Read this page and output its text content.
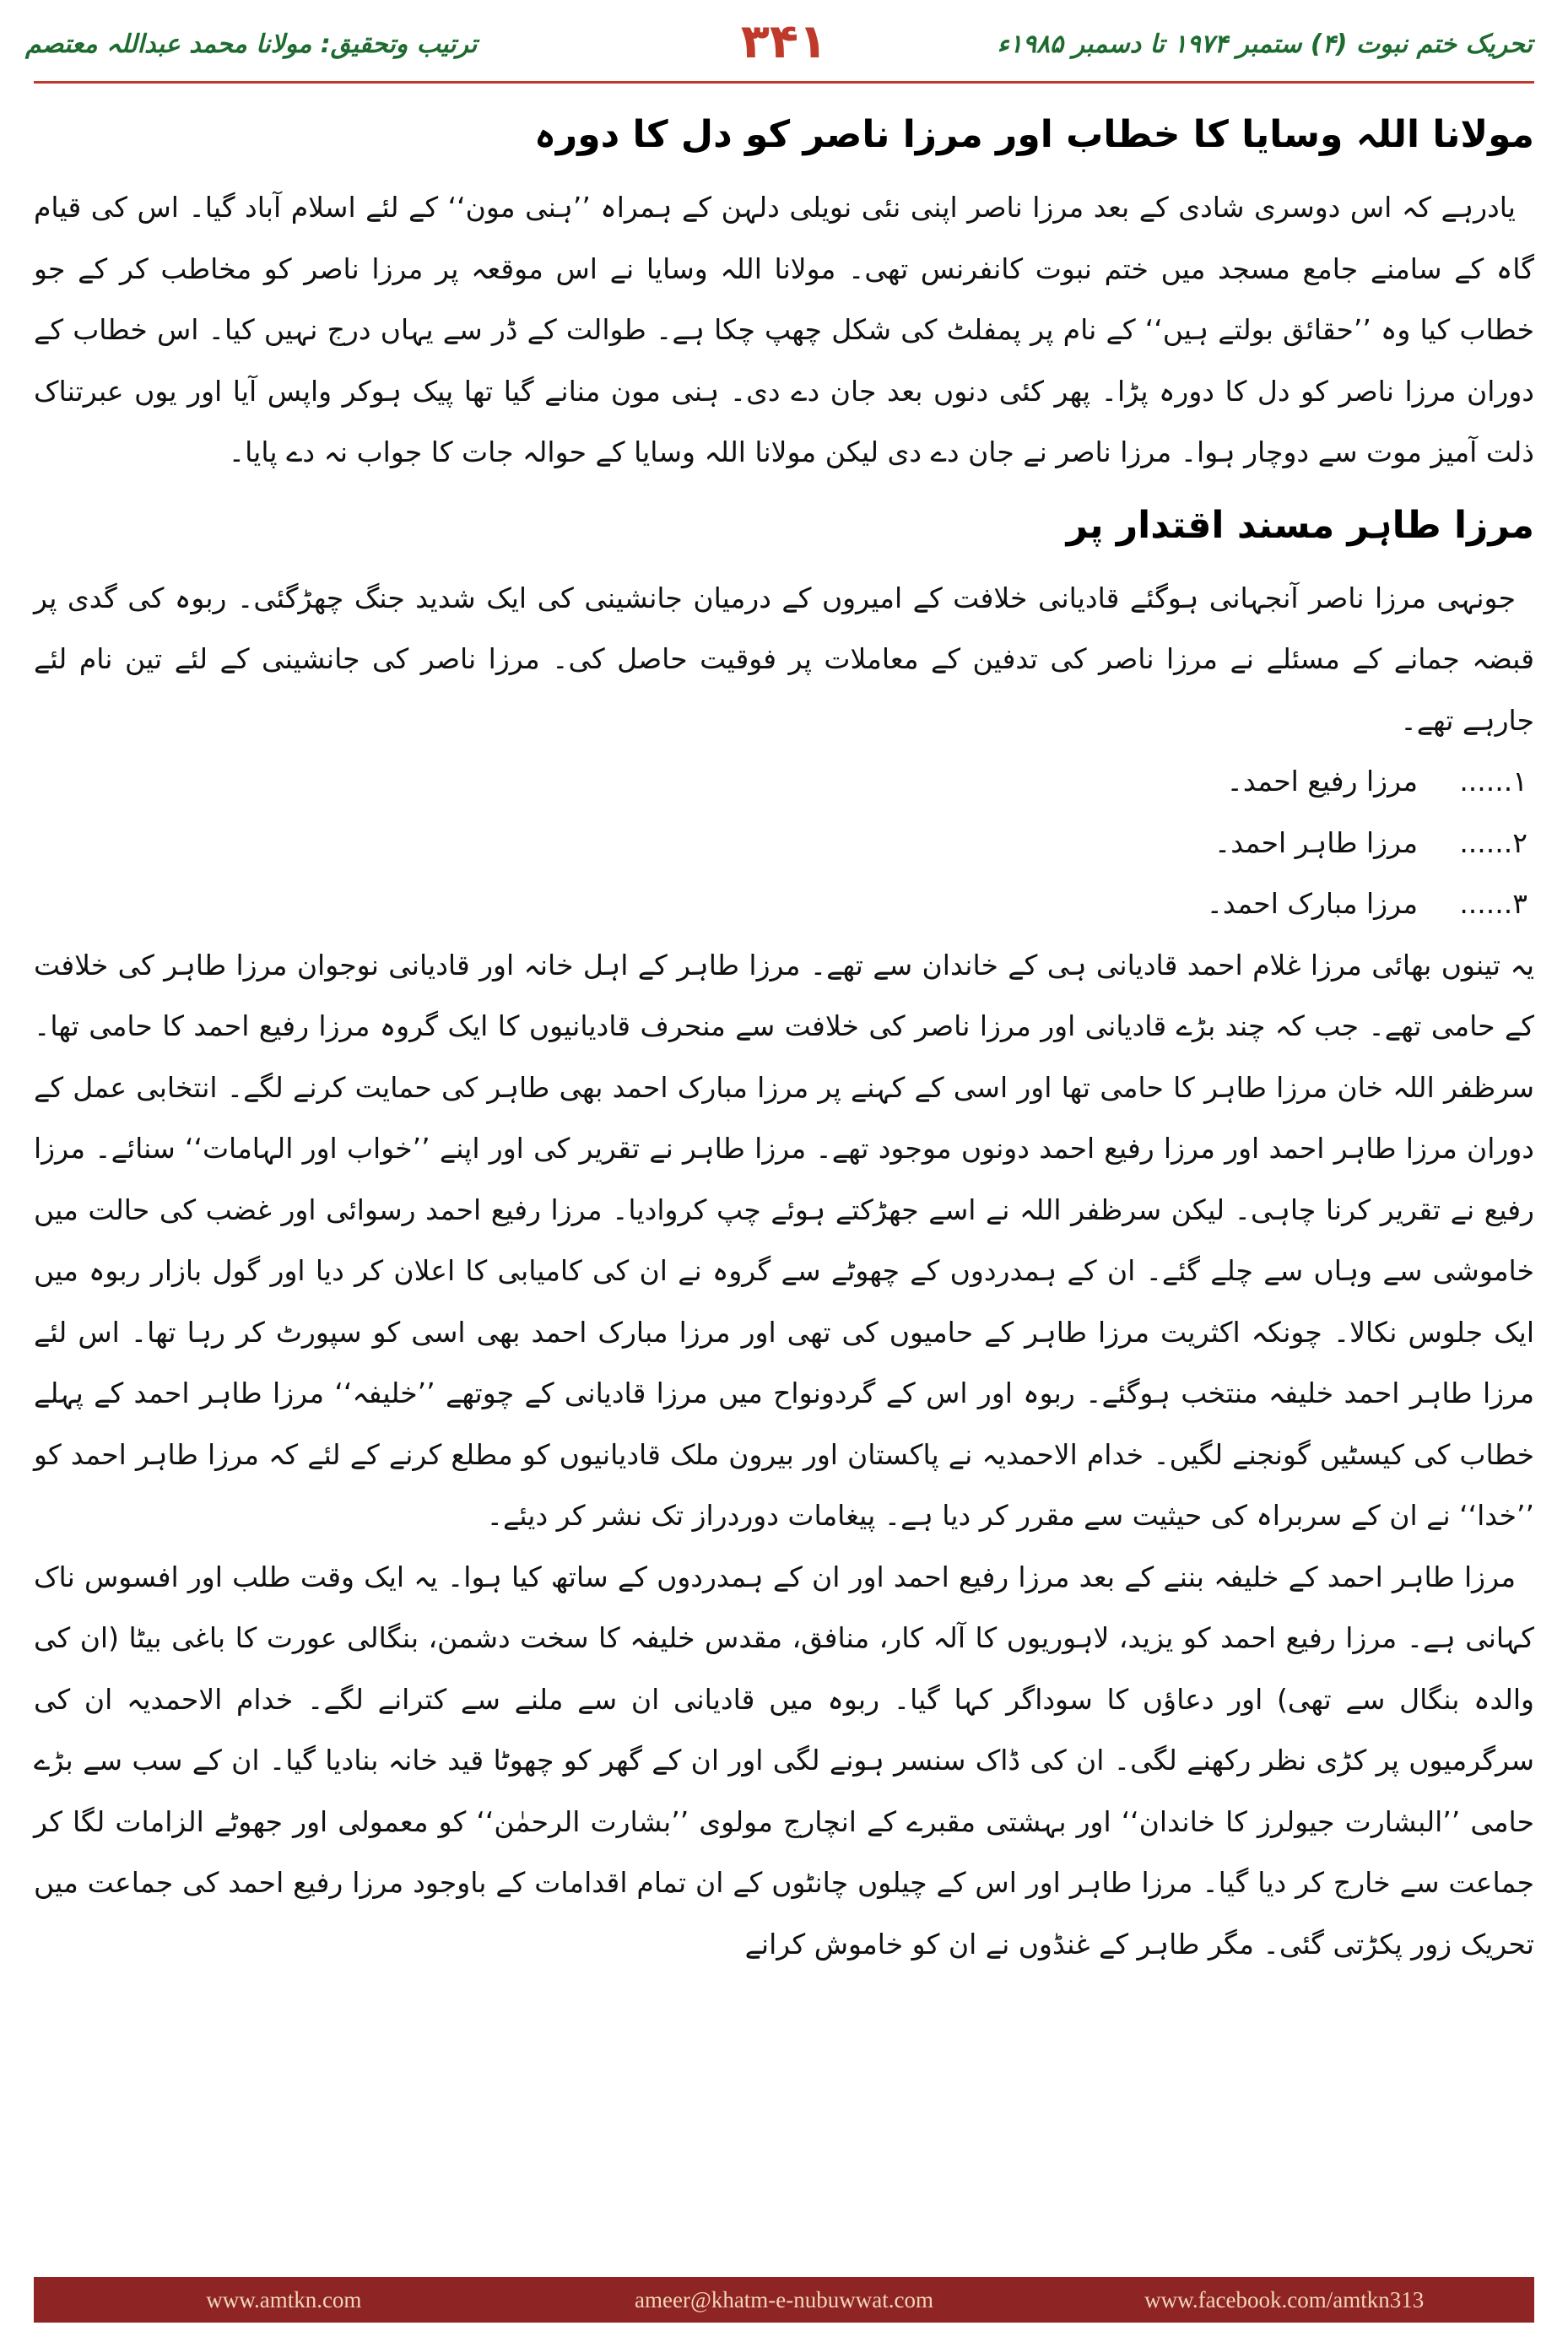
تحریک ختم نبوت (۴) ستمبر ۱۹۷۴ تا دسمبر ۱۹۸۵ء
۳۴۱
ترتیب وتحقیق: مولانا محمد عبداللہ معتصم
مولانا اللہ وسایا کا خطاب اور مرزا ناصر کو دل کا دورہ

یادرہے کہ اس دوسری شادی کے بعد مرزا ناصر اپنی نئی نویلی دلہن کے ہمراہ ’’ہنی مون‘‘ کے لئے اسلام آباد گیا۔ اس کی قیام گاہ کے سامنے جامع مسجد میں ختم نبوت کانفرنس تھی۔ مولانا اللہ وسایا نے اس موقعہ پر مرزا ناصر کو مخاطب کر کے جو خطاب کیا وہ ’’حقائق بولتے ہیں‘‘ کے نام پر پمفلٹ کی شکل چھپ چکا ہے۔ طوالت کے ڈر سے یہاں درج نہیں کیا۔ اس خطاب کے دوران مرزا ناصر کو دل کا دورہ پڑا۔ پھر کئی دنوں بعد جان دے دی۔ ہنی مون منانے گیا تھا پیک ہوکر واپس آیا اور یوں عبرتناک ذلت آمیز موت سے دوچار ہوا۔ مرزا ناصر نے جان دے دی لیکن مولانا اللہ وسایا کے حوالہ جات کا جواب نہ دے پایا۔

مرزا طاہر مسند اقتدار پر

جونہی مرزا ناصر آنجہانی ہوگئے قادیانی خلافت کے امیروں کے درمیان جانشینی کی ایک شدید جنگ چھڑگئی۔ ربوہ کی گدی پر قبضہ جمانے کے مسئلے نے مرزا ناصر کی تدفین کے معاملات پر فوقیت حاصل کی۔ مرزا ناصر کی جانشینی کے لئے تین نام لئے جارہے تھے۔

۱......
مرزا رفیع احمد۔
۲......
مرزا طاہر احمد۔
۳......
مرزا مبارک احمد۔

یہ تینوں بھائی مرزا غلام احمد قادیانی ہی کے خاندان سے تھے۔ مرزا طاہر کے اہل خانہ اور قادیانی نوجوان مرزا طاہر کی خلافت کے حامی تھے۔ جب کہ چند بڑے قادیانی اور مرزا ناصر کی خلافت سے منحرف قادیانیوں کا ایک گروہ مرزا رفیع احمد کا حامی تھا۔ سرظفر اللہ خان مرزا طاہر کا حامی تھا اور اسی کے کہنے پر مرزا مبارک احمد بھی طاہر کی حمایت کرنے لگے۔ انتخابی عمل کے دوران مرزا طاہر احمد اور مرزا رفیع احمد دونوں موجود تھے۔ مرزا طاہر نے تقریر کی اور اپنے ’’خواب اور الہامات‘‘ سنائے۔ مرزا رفیع نے تقریر کرنا چاہی۔ لیکن سرظفر اللہ نے اسے جھڑکتے ہوئے چپ کروادیا۔ مرزا رفیع احمد رسوائی اور غضب کی حالت میں خاموشی سے وہاں سے چلے گئے۔ ان کے ہمدردوں کے چھوٹے سے گروہ نے ان کی کامیابی کا اعلان کر دیا اور گول بازار ربوہ میں ایک جلوس نکالا۔ چونکہ اکثریت مرزا طاہر کے حامیوں کی تھی اور مرزا مبارک احمد بھی اسی کو سپورٹ کر رہا تھا۔ اس لئے مرزا طاہر احمد خلیفہ منتخب ہوگئے۔ ربوہ اور اس کے گردونواح میں مرزا قادیانی کے چوتھے ’’خلیفہ‘‘ مرزا طاہر احمد کے پہلے خطاب کی کیسٹیں گونجنے لگیں۔ خدام الاحمدیہ نے پاکستان اور بیرون ملک قادیانیوں کو مطلع کرنے کے لئے کہ مرزا طاہر احمد کو ’’خدا‘‘ نے ان کے سربراہ کی حیثیت سے مقرر کر دیا ہے۔ پیغامات دوردراز تک نشر کر دیئے۔

مرزا طاہر احمد کے خلیفہ بننے کے بعد مرزا رفیع احمد اور ان کے ہمدردوں کے ساتھ کیا ہوا۔ یہ ایک وقت طلب اور افسوس ناک کہانی ہے۔ مرزا رفیع احمد کو یزید، لاہوریوں کا آلہ کار، منافق، مقدس خلیفہ کا سخت دشمن، بنگالی عورت کا باغی بیٹا (ان کی والدہ بنگال سے تھی) اور دعاؤں کا سوداگر کہا گیا۔ ربوہ میں قادیانی ان سے ملنے سے کترانے لگے۔ خدام الاحمدیہ ان کی سرگرمیوں پر کڑی نظر رکھنے لگی۔ ان کی ڈاک سنسر ہونے لگی اور ان کے گھر کو چھوٹا قید خانہ بنادیا گیا۔ ان کے سب سے بڑے حامی ’’البشارت جیولرز کا خاندان‘‘ اور بہشتی مقبرے کے انچارج مولوی ’’بشارت الرحمٰن‘‘ کو معمولی اور جھوٹے الزامات لگا کر جماعت سے خارج کر دیا گیا۔ مرزا طاہر اور اس کے چیلوں چانٹوں کے ان تمام اقدامات کے باوجود مرزا رفیع احمد کی جماعت میں تحریک زور پکڑتی گئی۔ مگر طاہر کے غنڈوں نے ان کو خاموش کرانے

www.amtkn.com	ameer@khatm-e-nubuwwat.com	www.facebook.com/amtkn313
